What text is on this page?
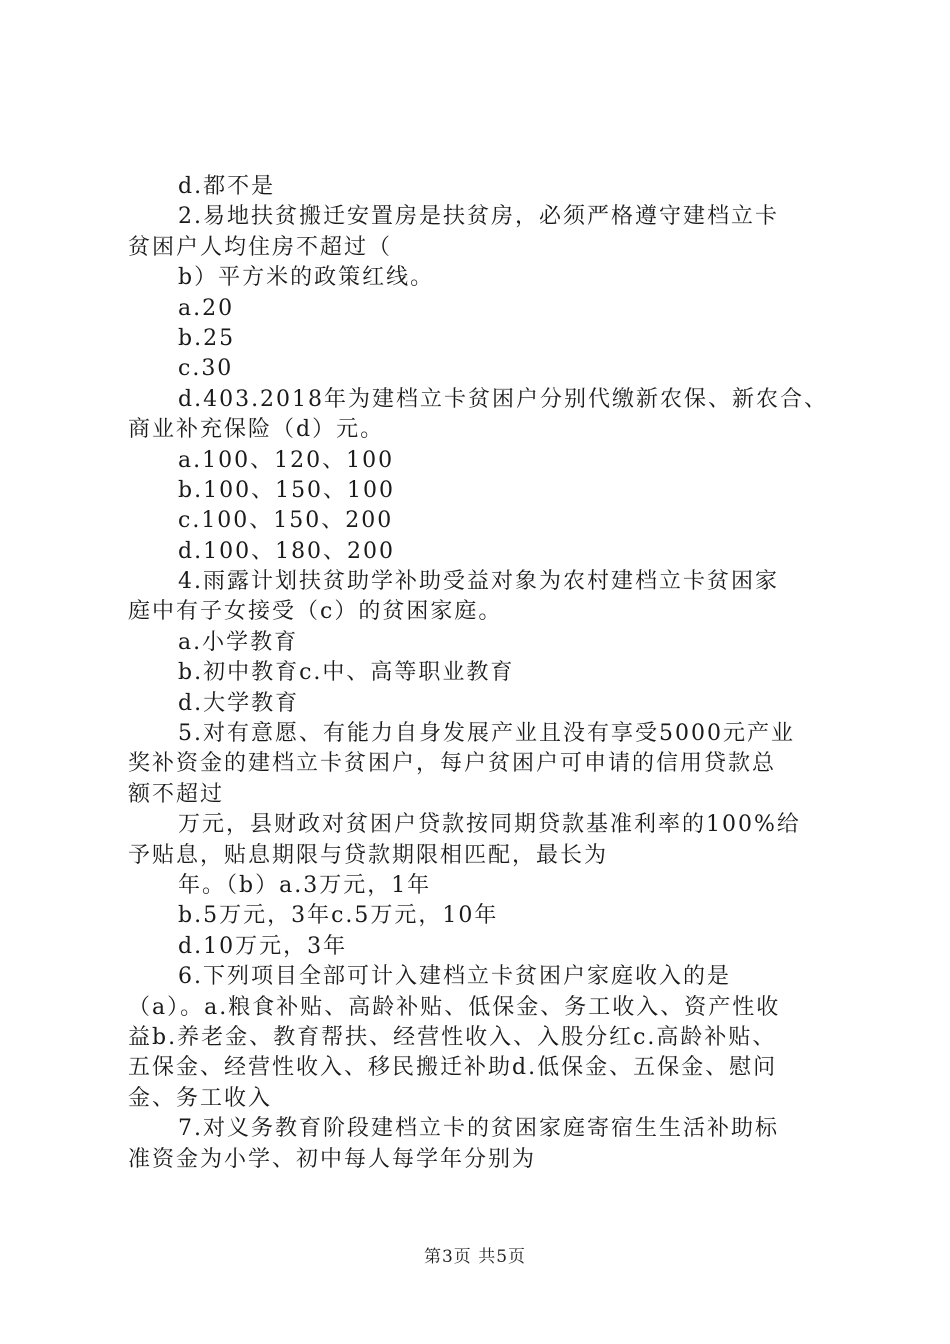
d.都不是
2.易地扶贫搬迁安置房是扶贫房，必须严格遵守建档立卡
贫困户人均住房不超过（
b）平方米的政策红线。
a.20
b.25
c.30
d.403.2018年为建档立卡贫困户分别代缴新农保、新农合、
商业补充保险（d）元。
a.100、120、100
b.100、150、100
c.100、150、200
d.100、180、200
4.雨露计划扶贫助学补助受益对象为农村建档立卡贫困家
庭中有子女接受（c）的贫困家庭。
a.小学教育
b.初中教育c.中、高等职业教育
d.大学教育
5.对有意愿、有能力自身发展产业且没有享受5000元产业
奖补资金的建档立卡贫困户，每户贫困户可申请的信用贷款总
额不超过
万元，县财政对贫困户贷款按同期贷款基准利率的100%给
予贴息，贴息期限与贷款期限相匹配，最长为
年。（b）a.3万元，1年
b.5万元，3年c.5万元，10年
d.10万元，3年
6.下列项目全部可计入建档立卡贫困户家庭收入的是
（a）。a.粮食补贴、高龄补贴、低保金、务工收入、资产性收
益b.养老金、教育帮扶、经营性收入、入股分红c.高龄补贴、
五保金、经营性收入、移民搬迁补助d.低保金、五保金、慰问
金、务工收入
7.对义务教育阶段建档立卡的贫困家庭寄宿生生活补助标
准资金为小学、初中每人每学年分别为
第3页 共5页
